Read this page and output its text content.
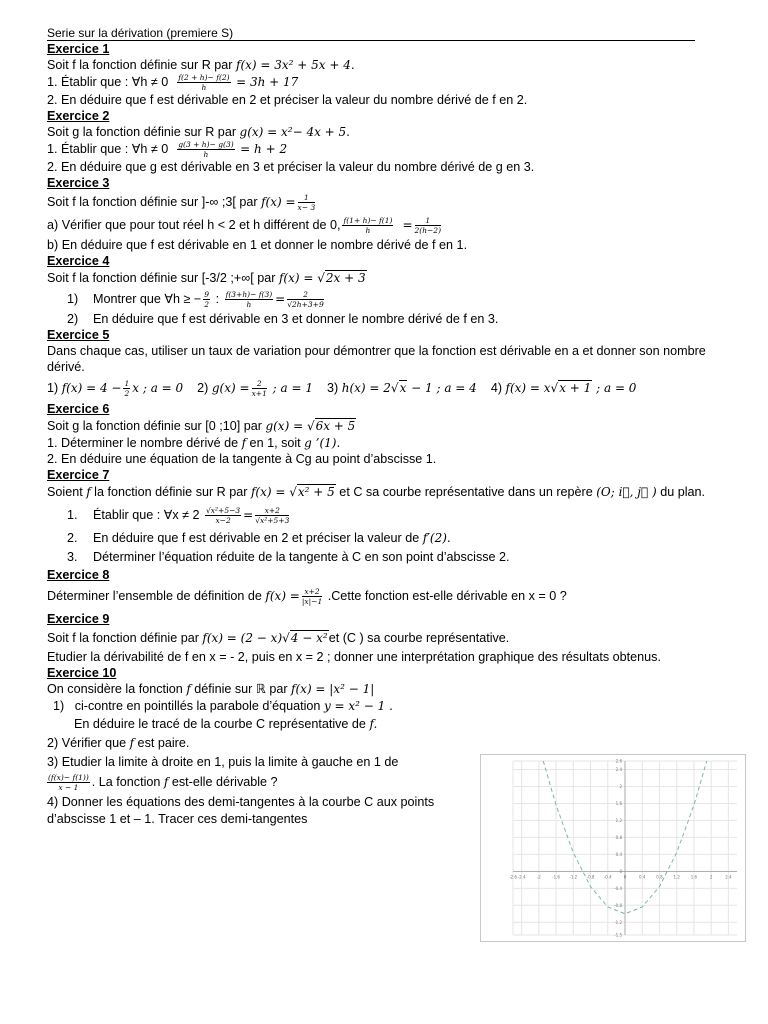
Serie sur la dérivation (premiere S)
Exercice 1
Soit f la fonction définie sur R par f(x) = 3x² + 5x + 4.
1. Établir que : ∀h ≠ $0 \frac{f(2 + h)- f(2)}{h} = 3h + 17$
2. En déduire que f est dérivable en 2 et préciser la valeur du nombre dérivé de f en 2.
Exercice 2
Soit g la fonction définie sur R par g(x) = x²− 4x + 5.
1. Établir que : ∀h ≠ $0 \frac{g(3 + h)- g(3)}{h} = h + 2$
2. En déduire que g est dérivable en 3 et préciser la valeur du nombre dérivé de g en 3.
Exercice 3
Soit f la fonction définie sur ]-∞ ;3[ par $f(x) = \frac{1}{x- 3}$
a) Vérifier que pour tout réel h < 2 et h différent de 0, $\frac{f(1+ h)- f(1)}{h} = \frac{1}{2(h-2)}$
b) En déduire que f est dérivable en 1 et donner le nombre dérivé de f en 1.
Exercice 4
Soit f la fonction définie sur [-3/2 ;+∞[ par f(x) = √2x + 3
1) Montrer que ∀h ≥ − $\frac{9}{2}$ : $\frac{f(3+h)- f(3)}{h} = \frac{2}{√2h+3+9}$
2) En déduire que f est dérivable en 3 et donner le nombre dérivé de f en 3.
Exercice 5
Dans chaque cas, utiliser un taux de variation pour démontrer que la fonction est dérivable en a et donner son nombre dérivé.
1) $f(x) = 4 - \frac{1}{2}$ x ; a = 0 2) $g(x) = \frac{2}{x+1}$ ; a = 1 3) h(x) = 2√x − 1 ; a = 4 4) f(x) = x√x + 1 ; a = 0
Exercice 6
Soit g la fonction définie sur [0 ;10] par g(x) = √6x + 5
1. Déterminer le nombre dérivé de f en 1, soit g ’(1).
2. En déduire une équation de la tangente à Cg au point d’abscisse 1.
Exercice 7
Soient f la fonction définie sur R par f(x) = √x² + 5 et C sa courbe représentative dans un repère (O; i⃗, j⃗ ) du plan.
1. Établir que : ∀x ≠ $2 \frac{\text{√x²+5−3}}{x-2} = \frac{x+2}{\text{√x²+5+3}}$
2. En déduire que f est dérivable en 2 et préciser la valeur de f′(2).
3. Déterminer l’équation réduite de la tangente à C en son point d’abscisse 2.
Exercice 8
Déterminer l’ensemble de définition de $f(x) = \frac{x+2}{|x|-1}$ .Cette fonction est-elle dérivable en x = 0 ?
Exercice 9
Soit f la fonction définie par f(x) = (2 − x)√4 − x²et (C ) sa courbe représentative.
Etudier la dérivabilité de f en x = - 2, puis en x = 2 ; donner une interprétation graphique des résultats obtenus.
Exercice 10
On considère la fonction f définie sur ℝ par f(x) = |x² − 1|
1) ci-contre en pointillés la parabole d’équation y = x² − 1 .
En déduire le tracé de la courbe C représentative de f.
2) Vérifier que f est paire.
3) Etudier la limite à droite en 1, puis la limite à gauche en 1 de
$\frac{(f(x)- f(1))}{x - 1}$ . La fonction f est-elle dérivable ?
4) Donner les équations des demi-tangentes à la courbe C aux points
d’abscisse 1 et – 1. Tracer ces demi-tangentes
-2.6 -2.4	-2	-1.6 -1.2 -0.8 -0.4	0	0.4	0.8	1.2	1.6	2	2.4
2.6
2.4
2
1.6
1.2
0.8
0.4
0
-0.4
-0.8
-1.2
-1.5
